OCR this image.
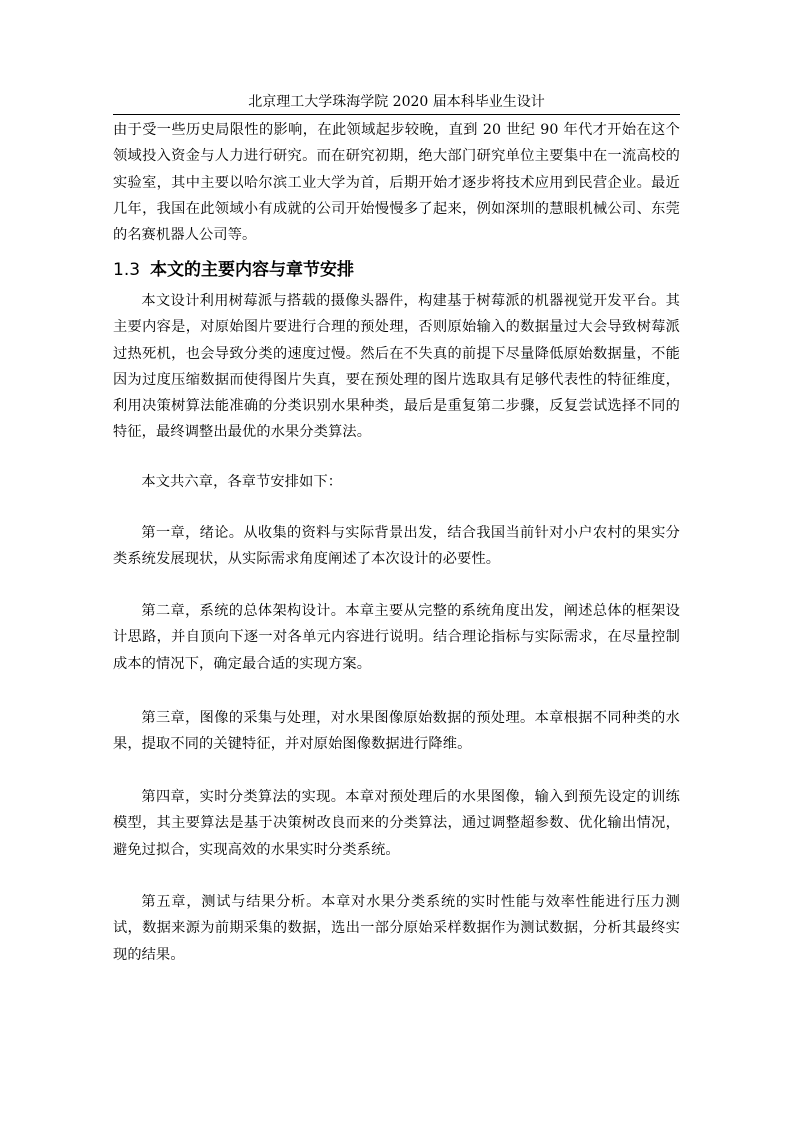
北京理工大学珠海学院 2020 届本科毕业生设计

由于受一些历史局限性的影响，在此领域起步较晚，直到 20 世纪 90 年代才开始在这个领域投入资金与人力进行研究。而在研究初期，绝大部门研究单位主要集中在一流高校的实验室，其中主要以哈尔滨工业大学为首，后期开始才逐步将技术应用到民营企业。最近几年，我国在此领域小有成就的公司开始慢慢多了起来，例如深圳的慧眼机械公司、东莞的名赛机器人公司等。

1.3 本文的主要内容与章节安排

本文设计利用树莓派与搭载的摄像头器件，构建基于树莓派的机器视觉开发平台。其主要内容是，对原始图片要进行合理的预处理，否则原始输入的数据量过大会导致树莓派过热死机，也会导致分类的速度过慢。然后在不失真的前提下尽量降低原始数据量，不能因为过度压缩数据而使得图片失真，要在预处理的图片选取具有足够代表性的特征维度，利用决策树算法能准确的分类识别水果种类，最后是重复第二步骤，反复尝试选择不同的特征，最终调整出最优的水果分类算法。

本文共六章，各章节安排如下：

第一章，绪论。从收集的资料与实际背景出发，结合我国当前针对小户农村的果实分类系统发展现状，从实际需求角度阐述了本次设计的必要性。

第二章，系统的总体架构设计。本章主要从完整的系统角度出发，阐述总体的框架设计思路，并自顶向下逐一对各单元内容进行说明。结合理论指标与实际需求，在尽量控制成本的情况下，确定最合适的实现方案。

第三章，图像的采集与处理，对水果图像原始数据的预处理。本章根据不同种类的水果，提取不同的关键特征，并对原始图像数据进行降维。

第四章，实时分类算法的实现。本章对预处理后的水果图像，输入到预先设定的训练模型，其主要算法是基于决策树改良而来的分类算法，通过调整超参数、优化输出情况，避免过拟合，实现高效的水果实时分类系统。

第五章，测试与结果分析。本章对水果分类系统的实时性能与效率性能进行压力测试，数据来源为前期采集的数据，选出一部分原始采样数据作为测试数据，分析其最终实现的结果。
